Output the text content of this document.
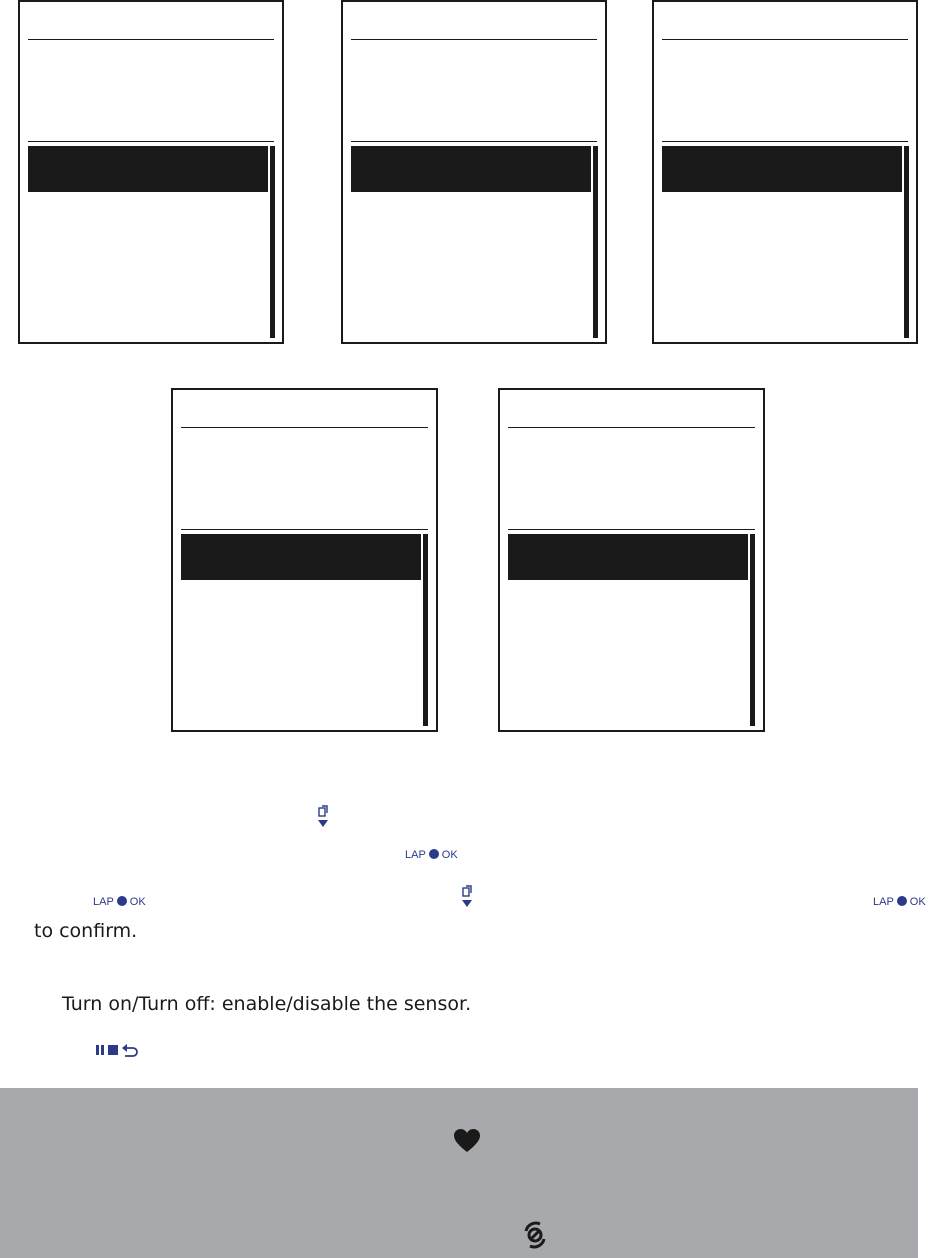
LAP OK
LAP OK	LAP OK
to confirm.
Turn on/Turn off: enable/disable the sensor.
